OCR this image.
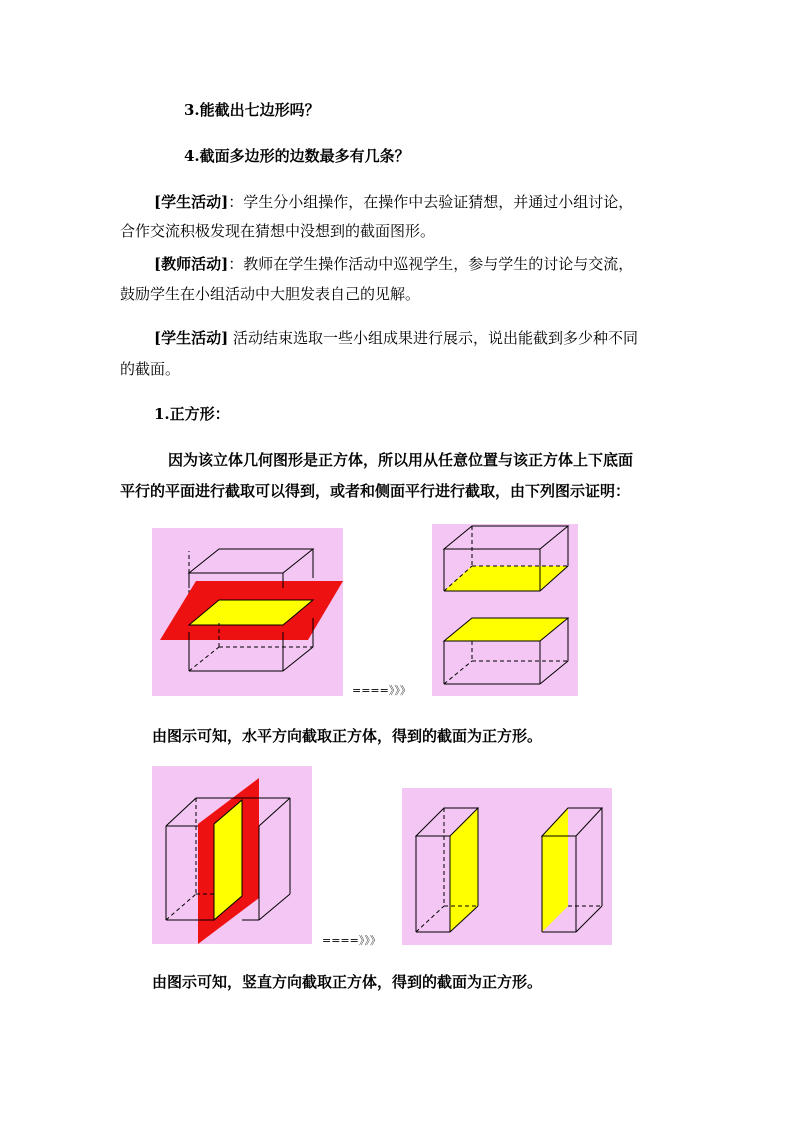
3.能截出七边形吗？
4.截面多边形的边数最多有几条？
[学生活动]：学生分小组操作，在操作中去验证猜想，并通过小组讨论，
合作交流积极发现在猜想中没想到的截面图形。
[教师活动]：教师在学生操作活动中巡视学生，参与学生的讨论与交流，
鼓励学生在小组活动中大胆发表自己的见解。
[学生活动] 活动结束选取一些小组成果进行展示，说出能截到多少种不同
的截面。
1.正方形：
因为该立体几何图形是正方体，所以用从任意位置与该正方体上下底面
平行的平面进行截取可以得到，或者和侧面平行进行截取，由下列图示证明：
====》》》
由图示可知，水平方向截取正方体，得到的截面为正方形。
====》》》
由图示可知，竖直方向截取正方体，得到的截面为正方形。
